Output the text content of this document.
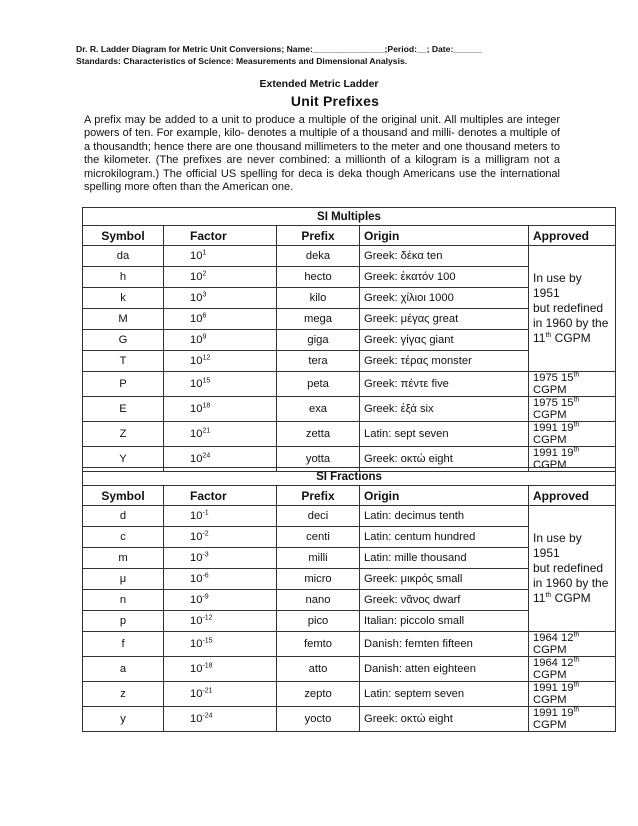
Dr. R. Ladder Diagram for Metric Unit Conversions; Name:_______________;Period:__; Date:______
Standards: Characteristics of Science: Measurements and Dimensional Analysis.
Extended Metric Ladder
Unit Prefixes
A prefix may be added to a unit to produce a multiple of the original unit. All multiples are integer powers of ten. For example, kilo- denotes a multiple of a thousand and milli- denotes a multiple of a thousandth; hence there are one thousand millimeters to the meter and one thousand meters to the kilometer. (The prefixes are never combined: a millionth of a kilogram is a milligram not a microkilogram.) The official US spelling for deca is deka though Americans use the international spelling more often than the American one.
SI Multiples				
Symbol	Factor	Prefix	Origin	Approved
da	$10^1$	deka	Greek: δέκα ten	In use by 1951
but redefined
in 1960 by the
11th CGPM

h	$10^2$	hecto	Greek: ἑκατόν 100	
k	$10^3$	kilo	Greek: χίλιοι 1000	
M	$10^6$	mega	Greek: μέγας great	
G	$10^9$	giga	Greek: γίγας giant	
T	$10^{12}$	tera	Greek: τέρας monster	
P	$10^{15}$	peta	Greek: πέντε five	1975 15th CGPM
E	$10^{18}$	exa	Greek: ἑξά six	1975 15th CGPM
Z	$10^{21}$	zetta	Latin: sept seven	1991 19th CGPM
Y	$10^{24}$	yotta	Greek: οκτώ eight	1991 19th CGPM
SI Fractions				
Symbol	Factor	Prefix	Origin	Approved
d	$10^{-1}$	deci	Latin: decimus tenth	In use by 1951
but redefined
in 1960 by the
11th CGPM

c	$10^{-2}$	centi	Latin: centum hundred	
m	$10^{-3}$	milli	Latin: mille thousand	
μ	$10^{-6}$	micro	Greek: μικρός small	
n	$10^{-9}$	nano	Greek: νᾶνος dwarf	
p	$10^{-12}$	pico	Italian: piccolo small	
f	$10^{-15}$	femto	Danish: femten fifteen	1964 12th CGPM
a	$10^{-18}$	atto	Danish: atten eighteen	1964 12th CGPM
z	$10^{-21}$	zepto	Latin: septem seven	1991 19th CGPM
y	$10^{-24}$	yocto	Greek: οκτώ eight	1991 19th CGPM
